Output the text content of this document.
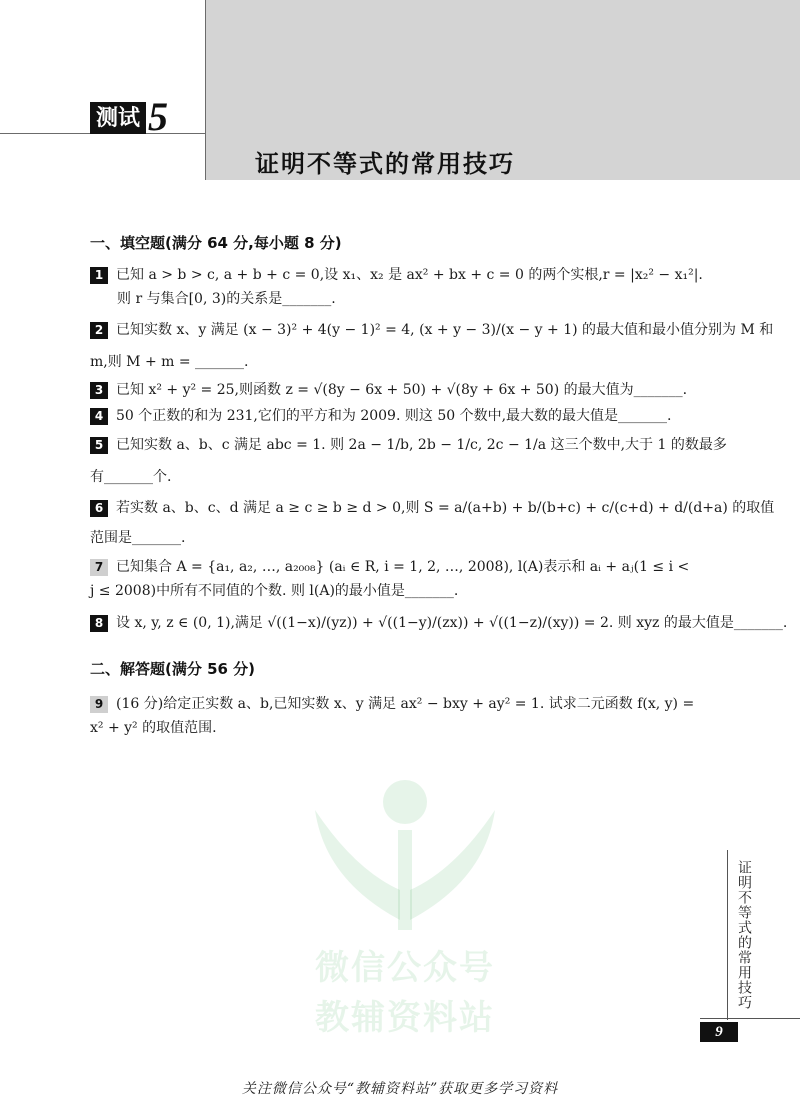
测试 5
证明不等式的常用技巧
微信公众号
教辅资料站
一、填空题(满分 64 分,每小题 8 分)
1 已知 a > b > c, a + b + c = 0,设 x₁、x₂ 是 ax² + bx + c = 0 的两个实根,r = |x₂² − x₁²|.
则 r 与集合[0, 3)的关系是_______.
2 已知实数 x、y 满足 (x − 3)² + 4(y − 1)² = 4, (x + y − 3)/(x − y + 1) 的最大值和最小值分别为 M 和
m,则 M + m = _______.
3 已知 x² + y² = 25,则函数 z = √(8y − 6x + 50) + √(8y + 6x + 50) 的最大值为_______.
4 50 个正数的和为 231,它们的平方和为 2009. 则这 50 个数中,最大数的最大值是_______.
5 已知实数 a、b、c 满足 abc = 1. 则 2a − 1/b, 2b − 1/c, 2c − 1/a 这三个数中,大于 1 的数最多
有_______个.
6 若实数 a、b、c、d 满足 a ≥ c ≥ b ≥ d > 0,则 S = a/(a+b) + b/(b+c) + c/(c+d) + d/(d+a) 的取值
范围是_______.
7 已知集合 A = {a₁, a₂, …, a₂₀₀₈} (aᵢ ∈ R, i = 1, 2, …, 2008), l(A)表示和 aᵢ + aⱼ(1 ≤ i <
j ≤ 2008)中所有不同值的个数. 则 l(A)的最小值是_______.
8 设 x, y, z ∈ (0, 1),满足 √((1−x)/(yz)) + √((1−y)/(zx)) + √((1−z)/(xy)) = 2. 则 xyz 的最大值是_______.
二、解答题(满分 56 分)
9 (16 分)给定正实数 a、b,已知实数 x、y 满足 ax² − bxy + ay² = 1. 试求二元函数 f(x, y) =
x² + y² 的取值范围.
证明不等式的常用技巧
9
关注微信公众号“教辅资料站”获取更多学习资料
